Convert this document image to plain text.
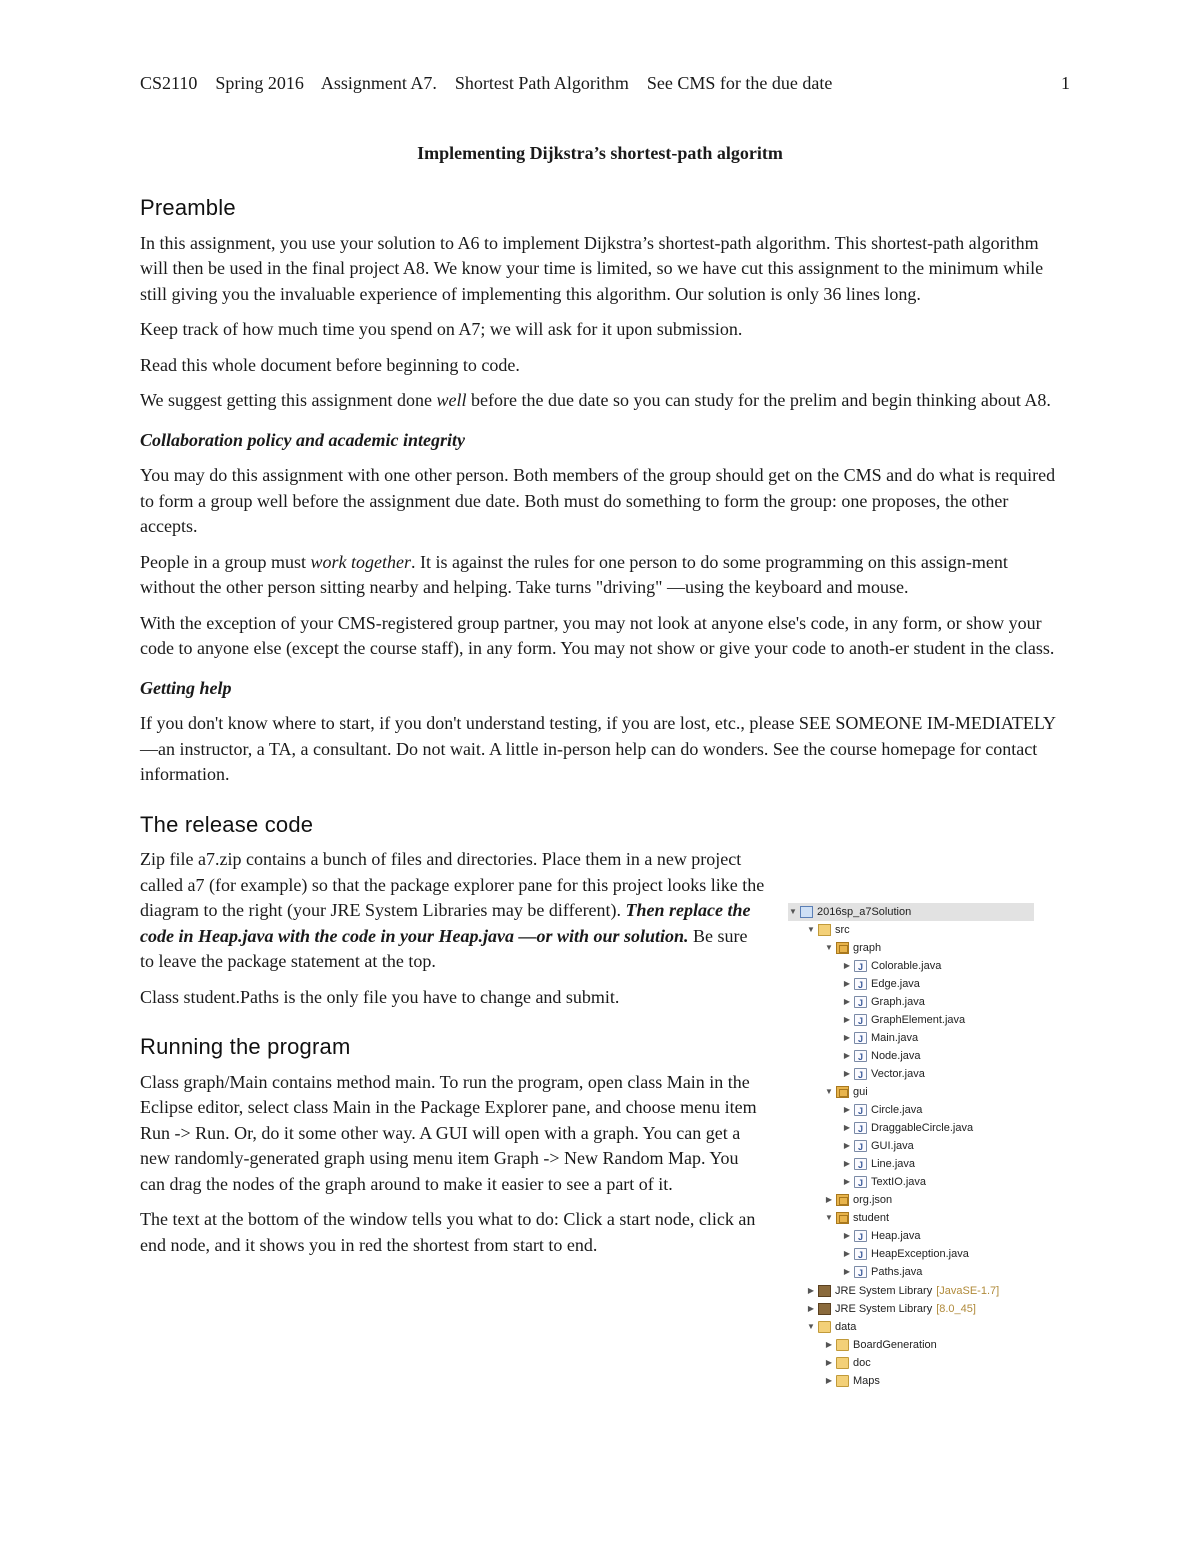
CS2110 Spring 2016 Assignment A7. Shortest Path Algorithm See CMS for the due date	1
Implementing Dijkstra’s shortest-path algoritm
Preamble

In this assignment, you use your solution to A6 to implement Dijkstra’s shortest-path algorithm. This shortest-path algorithm will then be used in the final project A8. We know your time is limited, so we have cut this assignment to the minimum while still giving you the invaluable experience of implementing this algorithm. Our solution is only 36 lines long.

Keep track of how much time you spend on A7; we will ask for it upon submission.

Read this whole document before beginning to code.

We suggest getting this assignment done well before the due date so you can study for the prelim and begin thinking about A8.

Collaboration policy and academic integrity

You may do this assignment with one other person. Both members of the group should get on the CMS and do what is required to form a group well before the assignment due date. Both must do something to form the group: one proposes, the other accepts.

People in a group must work together. It is against the rules for one person to do some programming on this assign-ment without the other person sitting nearby and helping. Take turns "driving" —using the keyboard and mouse.

With the exception of your CMS-registered group partner, you may not look at anyone else's code, in any form, or show your code to anyone else (except the course staff), in any form. You may not show or give your code to anoth-er student in the class.

Getting help

If you don't know where to start, if you don't understand testing, if you are lost, etc., please SEE SOMEONE IM-MEDIATELY —an instructor, a TA, a consultant. Do not wait. A little in-person help can do wonders. See the course homepage for contact information.

The release code

Zip file a7.zip contains a bunch of files and directories. Place them in a new project called a7 (for example) so that the package explorer pane for this project looks like the diagram to the right (your JRE System Libraries may be different). Then replace the code in Heap.java with the code in your Heap.java —or with our solution. Be sure to leave the package statement at the top.

Class student.Paths is the only file you have to change and submit.

Running the program

Class graph/Main contains method main. To run the program, open class Main in the Eclipse editor, select class Main in the Package Explorer pane, and choose menu item Run -> Run. Or, do it some other way. A GUI will open with a graph. You can get a new randomly-generated graph using menu item Graph -> New Random Map. You can drag the nodes of the graph around to make it easier to see a part of it.

The text at the bottom of the window tells you what to do: Click a start node, click an end node, and it shows you in red the shortest from start to end.

▼ 2016sp_a7Solution
▼ src
▼ graph
▶ J Colorable.java
▶ J Edge.java
▶ J Graph.java
▶ J GraphElement.java
▶ J Main.java
▶ J Node.java
▶ J Vector.java
▼ gui
▶ J Circle.java
▶ J DraggableCircle.java
▶ J GUI.java
▶ J Line.java
▶ J TextIO.java
▶ org.json
▼ student
▶ J Heap.java
▶ J HeapException.java
▶ J Paths.java
▶ JRE System Library [JavaSE-1.7]
▶ JRE System Library [8.0_45]
▼ data
▶ BoardGeneration
▶ doc
▶ Maps
